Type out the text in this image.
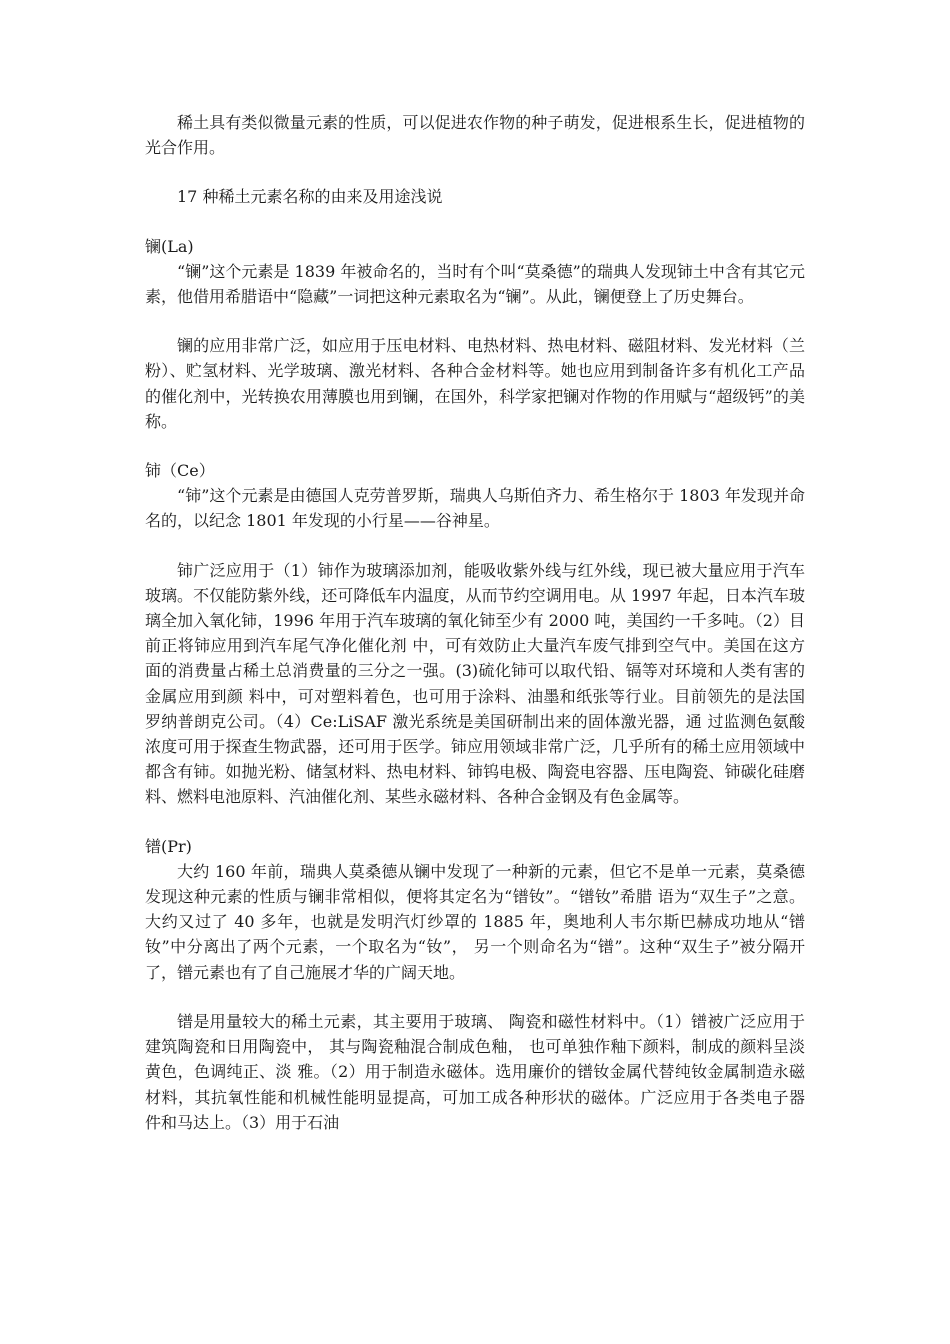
稀土具有类似微量元素的性质，可以促进农作物的种子萌发，促进根系生长，促进植物的光合作用。

17 种稀土元素名称的由来及用途浅说

镧(La)

“镧”这个元素是 1839 年被命名的，当时有个叫“莫桑德”的瑞典人发现铈土中含有其它元素，他借用希腊语中“隐藏”一词把这种元素取名为“镧”。从此，镧便登上了历史舞台。

镧的应用非常广泛，如应用于压电材料、电热材料、热电材料、磁阻材料、发光材料（兰粉）、贮氢材料、光学玻璃、激光材料、各种合金材料等。她也应用到制备许多有机化工产品的催化剂中，光转换农用薄膜也用到镧，在国外，科学家把镧对作物的作用赋与“超级钙”的美称。

铈（Ce）

“铈”这个元素是由德国人克劳普罗斯，瑞典人乌斯伯齐力、希生格尔于 1803 年发现并命名的，以纪念 1801 年发现的小行星——谷神星。

铈广泛应用于（1）铈作为玻璃添加剂，能吸收紫外线与红外线，现已被大量应用于汽车玻璃。不仅能防紫外线，还可降低车内温度，从而节约空调用电。从 1997 年起，日本汽车玻璃全加入氧化铈，1996 年用于汽车玻璃的氧化铈至少有 2000 吨，美国约一千多吨。（2）目前正将铈应用到汽车尾气净化催化剂 中，可有效防止大量汽车废气排到空气中。美国在这方面的消费量占稀土总消费量的三分之一强。(3)硫化铈可以取代铅、镉等对环境和人类有害的金属应用到颜 料中，可对塑料着色，也可用于涂料、油墨和纸张等行业。目前领先的是法国罗纳普朗克公司。（4）Ce:LiSAF 激光系统是美国研制出来的固体激光器，通 过监测色氨酸浓度可用于探查生物武器，还可用于医学。铈应用领域非常广泛，几乎所有的稀土应用领域中都含有铈。如抛光粉、储氢材料、热电材料、铈钨电极、陶瓷电容器、压电陶瓷、铈碳化硅磨料、燃料电池原料、汽油催化剂、某些永磁材料、各种合金钢及有色金属等。

镨(Pr)

大约 160 年前，瑞典人莫桑德从镧中发现了一种新的元素，但它不是单一元素，莫桑德发现这种元素的性质与镧非常相似，便将其定名为“镨钕”。“镨钕”希腊 语为“双生子”之意。大约又过了 40 多年，也就是发明汽灯纱罩的 1885 年，奥地利人韦尔斯巴赫成功地从“镨钕”中分离出了两个元素，一个取名为“钕”， 另一个则命名为“镨”。这种“双生子”被分隔开了，镨元素也有了自己施展才华的广阔天地。

镨是用量较大的稀土元素，其主要用于玻璃、 陶瓷和磁性材料中。（1）镨被广泛应用于建筑陶瓷和日用陶瓷中， 其与陶瓷釉混合制成色釉， 也可单独作釉下颜料，制成的颜料呈淡黄色，色调纯正、淡 雅。（2）用于制造永磁体。选用廉价的镨钕金属代替纯钕金属制造永磁材料，其抗氧性能和机械性能明显提高，可加工成各种形状的磁体。广泛应用于各类电子器 件和马达上。（3）用于石油
